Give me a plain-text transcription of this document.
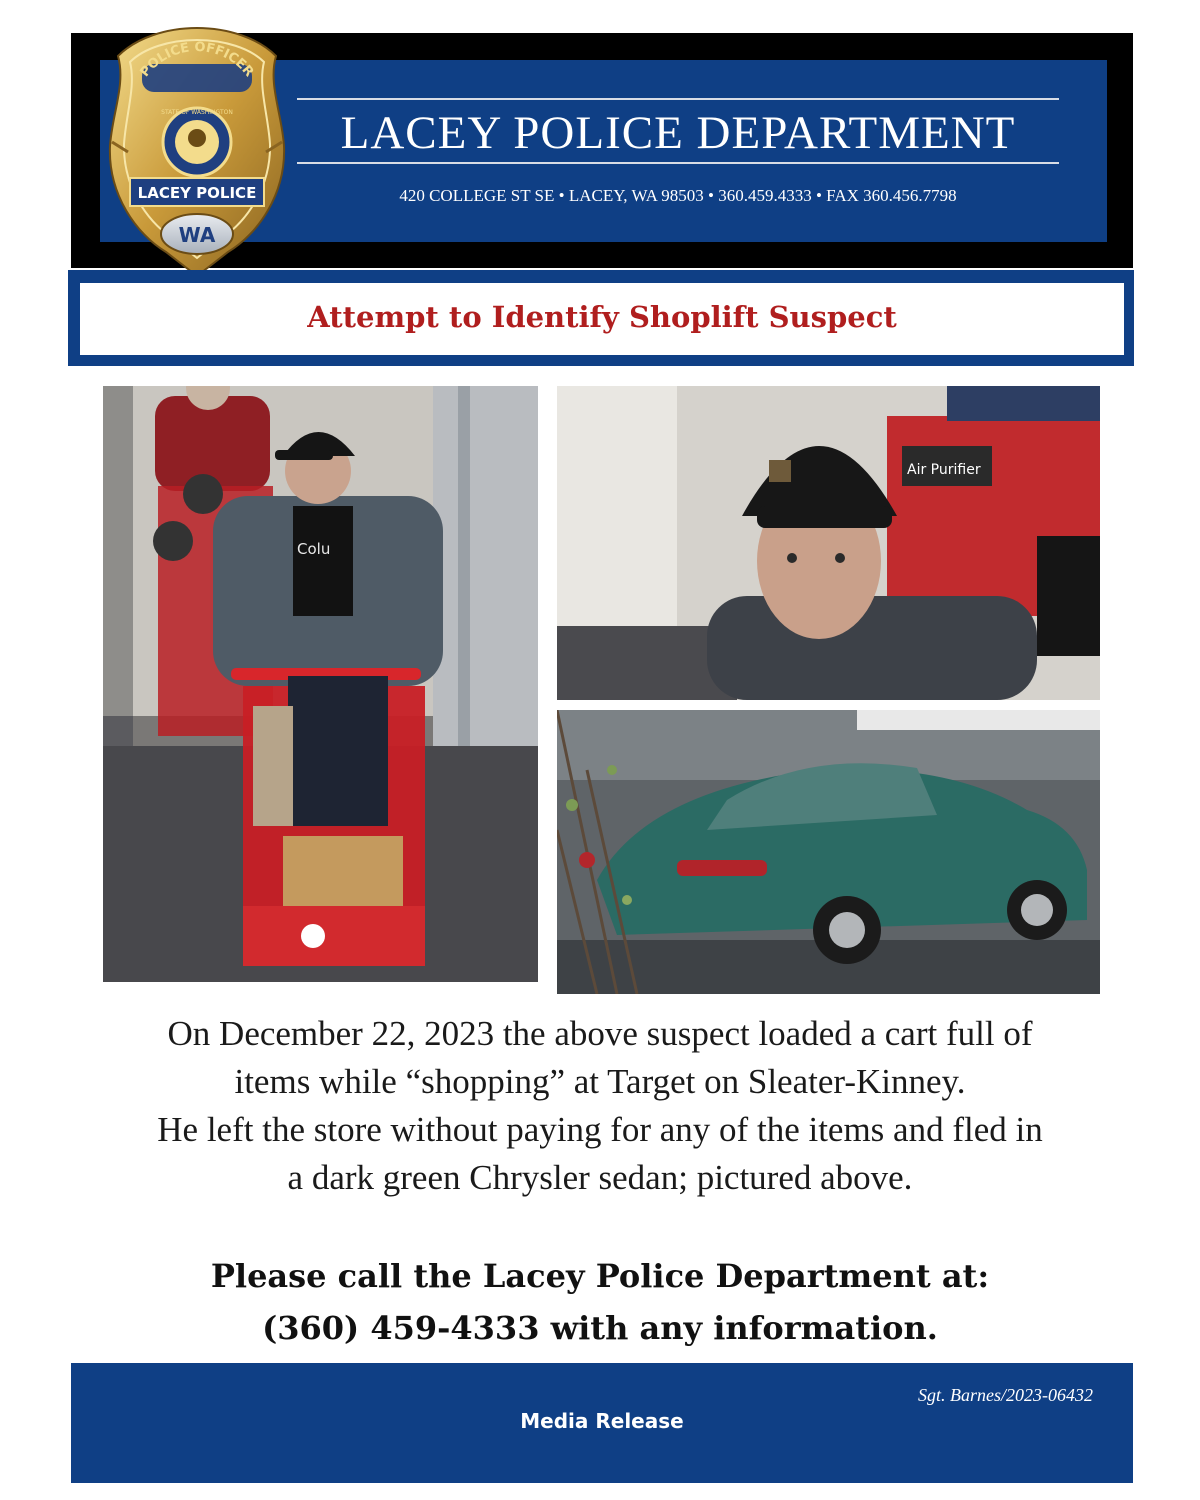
LACEY POLICE DEPARTMENT
420 COLLEGE ST SE • LACEY, WA 98503 • 360.459.4333 • FAX 360.456.7798
POLICE OFFICER
STATE OF WASHINGTON
LACEY POLICE
WA
Attempt to Identify Shoplift Suspect
Colu
Air Purifier
On December 22, 2023 the above suspect loaded a cart full of
items while “shopping” at Target on Sleater-Kinney.
He left the store without paying for any of the items and fled in
a dark green Chrysler sedan; pictured above.
Please call the Lacey Police Department at:
(360) 459-4333 with any information.
Sgt. Barnes/2023-06432
Media Release
